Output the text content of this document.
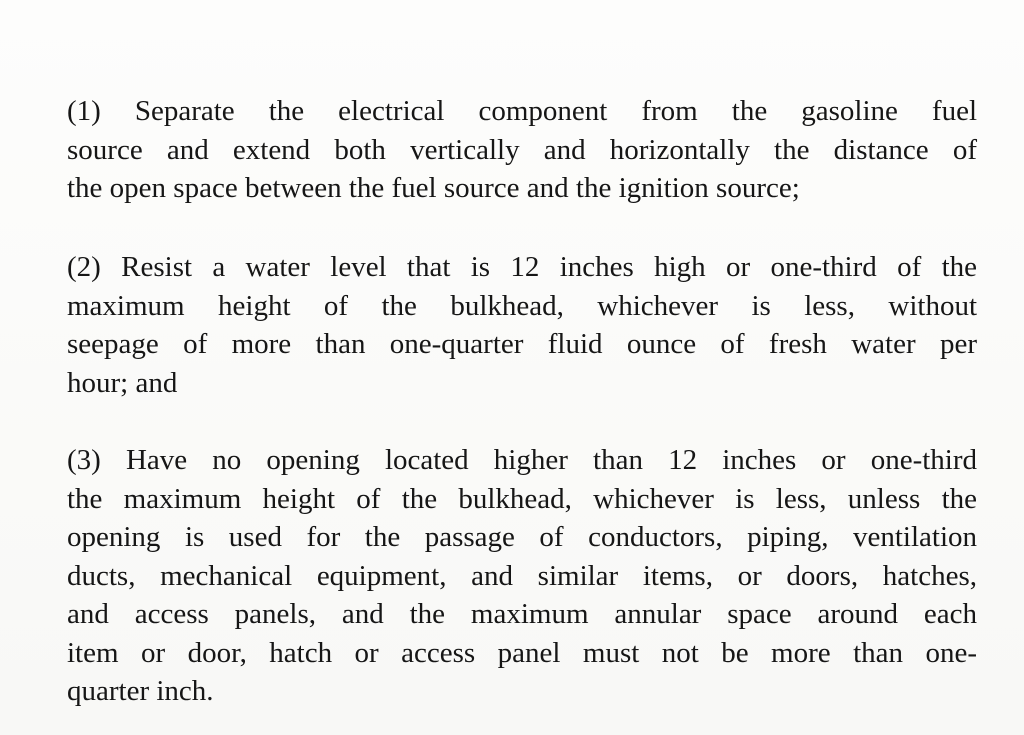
(1) Separate the electrical component from the gasoline fuel
source and extend both vertically and horizontally the distance of
the open space between the fuel source and the ignition source;
(2) Resist a water level that is 12 inches high or one-third of the
maximum height of the bulkhead, whichever is less, without
seepage of more than one-quarter fluid ounce of fresh water per
hour; and
(3) Have no opening located higher than 12 inches or one-third
the maximum height of the bulkhead, whichever is less, unless the
opening is used for the passage of conductors, piping, ventilation
ducts, mechanical equipment, and similar items, or doors, hatches,
and access panels, and the maximum annular space around each
item or door, hatch or access panel must not be more than one-
quarter inch.
